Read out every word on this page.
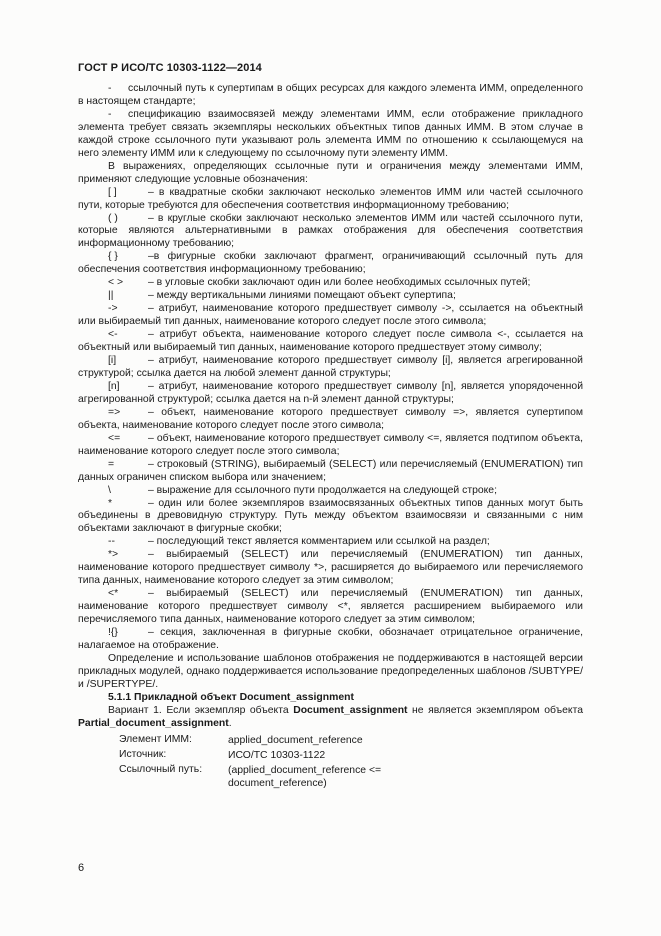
ГОСТ Р ИСО/ТС 10303-1122—2014

- ссылочный путь к супертипам в общих ресурсах для каждого элемента ИММ, определенного в настоящем стандарте;

- спецификацию взаимосвязей между элементами ИММ, если отображение прикладного элемента требует связать экземпляры нескольких объектных типов данных ИММ. В этом случае в каждой строке ссылочного пути указывают роль элемента ИММ по отношению к ссылающемуся на него элементу ИММ или к следующему по ссылочному пути элементу ИММ.

В выражениях, определяющих ссылочные пути и ограничения между элементами ИММ, применяют следующие условные обозначения:

[ ]	– в квадратные скобки заключают несколько элементов ИММ или частей ссылочного пути, которые требуются для обеспечения соответствия информационному требованию;

( )	– в круглые скобки заключают несколько элементов ИММ или частей ссылочного пути, которые являются альтернативными в рамках отображения для обеспечения соответствия информационному требованию;

{ }	–в фигурные скобки заключают фрагмент, ограничивающий ссылочный путь для обеспечения соответствия информационному требованию;

< > – в угловые скобки заключают один или более необходимых ссылочных путей;

||	– между вертикальными линиями помещают объект супертипа;

->	– атрибут, наименование которого предшествует символу ->, ссылается на объектный или выбираемый тип данных, наименование которого следует после этого символа;

<-	– атрибут объекта, наименование которого следует после символа <-, ссылается на объектный или выбираемый тип данных, наименование которого предшествует этому символу;

[i]	– атрибут, наименование которого предшествует символу [i], является агрегированной структурой; ссылка дается на любой элемент данной структуры;

[n]	– атрибут, наименование которого предшествует символу [n], является упорядоченной агрегированной структурой; ссылка дается на n-й элемент данной структуры;

=>	– объект, наименование которого предшествует символу =>, является супертипом объекта, наименование которого следует после этого символа;

<=	– объект, наименование которого предшествует символу <=, является подтипом объекта, наименование которого следует после этого символа;

=	– строковый (STRING), выбираемый (SELECT) или перечисляемый (ENUMERATION) тип данных ограничен списком выбора или значением;

\	– выражение для ссылочного пути продолжается на следующей строке;

*	– один или более экземпляров взаимосвязанных объектных типов данных могут быть объединены в древовидную структуру. Путь между объектом взаимосвязи и связанными с ним объектами заключают в фигурные скобки;

--	– последующий текст является комментарием или ссылкой на раздел;

*>	– выбираемый (SELECT) или перечисляемый (ENUMERATION) тип данных, наименование которого предшествует символу *>, расширяется до выбираемого или перечисляемого типа данных, наименование которого следует за этим символом;

<*	– выбираемый (SELECT) или перечисляемый (ENUMERATION) тип данных, наименование которого предшествует символу <*, является расширением выбираемого или перечисляемого типа данных, наименование которого следует за этим символом;

!{}	– секция, заключенная в фигурные скобки, обозначает отрицательное ограничение, налагаемое на отображение.

Определение и использование шаблонов отображения не поддерживаются в настоящей версии прикладных модулей, однако поддерживается использование предопределенных шаблонов /SUBTYPE/ и /SUPERTYPE/.

5.1.1 Прикладной объект Document_assignment

Вариант 1. Если экземпляр объекта Document_assignment не является экземпляром объекта Partial_document_assignment.

Элемент ИММ:	applied_document_reference
Источник:	ИСО/ТС 10303-1122
Ссылочный путь:	(applied_document_reference <=
document_reference)
6
